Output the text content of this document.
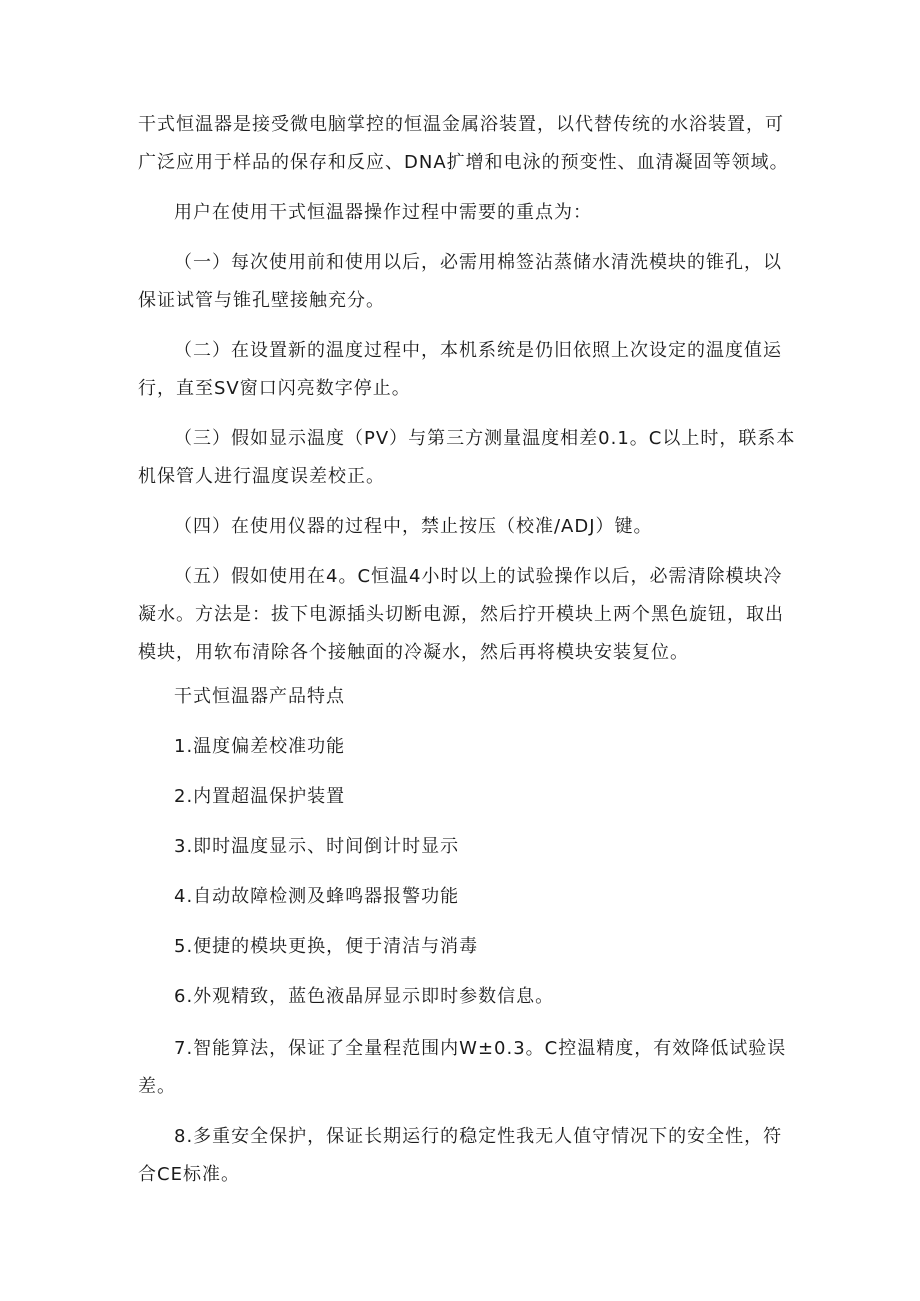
干式恒温器是接受微电脑掌控的恒温金属浴装置，以代替传统的水浴装置，可广泛应用于样品的保存和反应、DNA扩增和电泳的预变性、血清凝固等领域。

用户在使用干式恒温器操作过程中需要的重点为：

（一）每次使用前和使用以后，必需用棉签沾蒸储水清洗模块的锥孔，以保证试管与锥孔壁接触充分。

（二）在设置新的温度过程中，本机系统是仍旧依照上次设定的温度值运行，直至SV窗口闪亮数字停止。

（三）假如显示温度（PV）与第三方测量温度相差0.1。C以上时，联系本机保管人进行温度误差校正。

（四）在使用仪器的过程中，禁止按压（校准/ADJ）键。

（五）假如使用在4。C恒温4小时以上的试验操作以后，必需清除模块冷凝水。方法是：拔下电源插头切断电源，然后拧开模块上两个黑色旋钮，取出模块，用软布清除各个接触面的冷凝水，然后再将模块安装复位。

干式恒温器产品特点

1.温度偏差校准功能

2.内置超温保护装置

3.即时温度显示、时间倒计时显示

4.自动故障检测及蜂鸣器报警功能

5.便捷的模块更换，便于清洁与消毒

6.外观精致，蓝色液晶屏显示即时参数信息。

7.智能算法，保证了全量程范围内W±0.3。C控温精度，有效降低试验误差。

8.多重安全保护，保证长期运行的稳定性我无人值守情况下的安全性，符合CE标准。
